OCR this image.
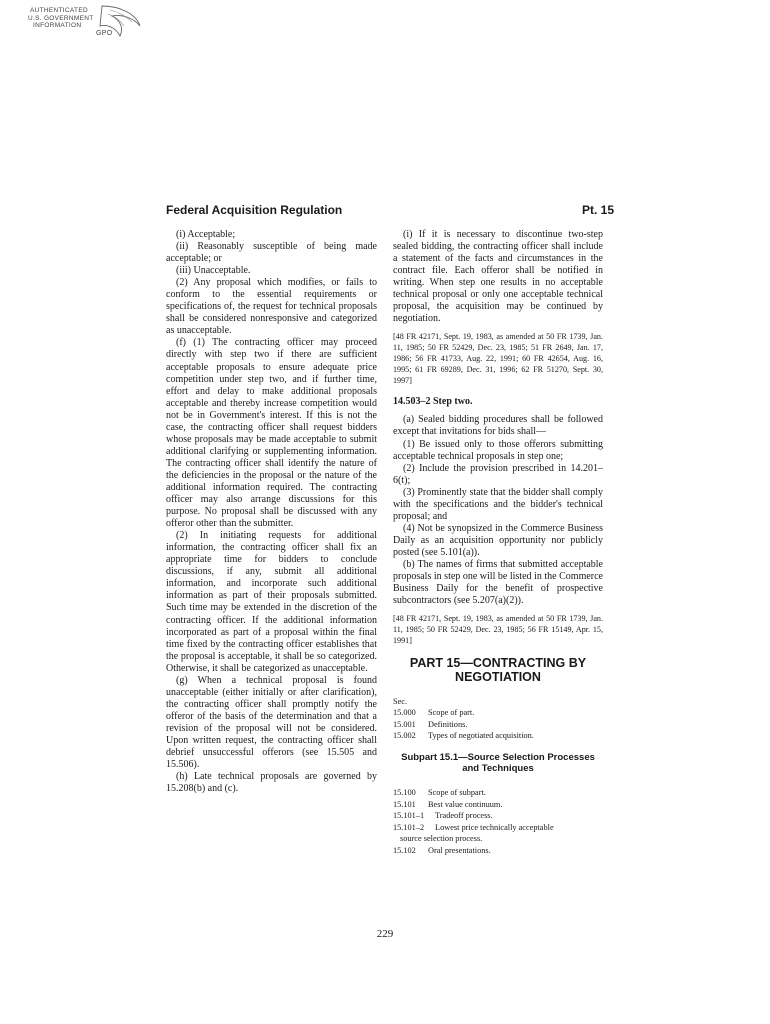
AUTHENTICATED
U.S. GOVERNMENT
INFORMATION
GPO
Federal Acquisition Regulation	Pt. 15

(i) Acceptable;

(ii) Reasonably susceptible of being made acceptable; or

(iii) Unacceptable.

(2) Any proposal which modifies, or fails to conform to the essential requirements or specifications of, the request for technical proposals shall be considered nonresponsive and categorized as unacceptable.

(f) (1) The contracting officer may proceed directly with step two if there are sufficient acceptable proposals to ensure adequate price competition under step two, and if further time, effort and delay to make additional proposals acceptable and thereby increase competition would not be in Government's interest. If this is not the case, the contracting officer shall request bidders whose proposals may be made acceptable to submit additional clarifying or supplementing information. The contracting officer shall identify the nature of the deficiencies in the proposal or the nature of the additional information required. The contracting officer may also arrange discussions for this purpose. No proposal shall be discussed with any offeror other than the submitter.

(2) In initiating requests for additional information, the contracting officer shall fix an appropriate time for bidders to conclude discussions, if any, submit all additional information, and incorporate such additional information as part of their proposals submitted. Such time may be extended in the discretion of the contracting officer. If the additional information incorporated as part of a proposal within the final time fixed by the contracting officer establishes that the proposal is acceptable, it shall be so categorized. Otherwise, it shall be categorized as unacceptable.

(g) When a technical proposal is found unacceptable (either initially or after clarification), the contracting officer shall promptly notify the offeror of the basis of the determination and that a revision of the proposal will not be considered. Upon written request, the contracting officer shall debrief unsuccessful offerors (see 15.505 and 15.506).

(h) Late technical proposals are governed by 15.208(b) and (c).

(i) If it is necessary to discontinue two-step sealed bidding, the contracting officer shall include a statement of the facts and circumstances in the contract file. Each offeror shall be notified in writing. When step one results in no acceptable technical proposal or only one acceptable technical proposal, the acquisition may be continued by negotiation.

[48 FR 42171, Sept. 19, 1983, as amended at 50 FR 1739, Jan. 11, 1985; 50 FR 52429, Dec. 23, 1985; 51 FR 2649, Jan. 17, 1986; 56 FR 41733, Aug. 22, 1991; 60 FR 42654, Aug. 16, 1995; 61 FR 69289, Dec. 31, 1996; 62 FR 51270, Sept. 30, 1997]

14.503–2 Step two.

(a) Sealed bidding procedures shall be followed except that invitations for bids shall—

(1) Be issued only to those offerors submitting acceptable technical proposals in step one;

(2) Include the provision prescribed in 14.201–6(t);

(3) Prominently state that the bidder shall comply with the specifications and the bidder's technical proposal; and

(4) Not be synopsized in the Commerce Business Daily as an acquisition opportunity nor publicly posted (see 5.101(a)).

(b) The names of firms that submitted acceptable proposals in step one will be listed in the Commerce Business Daily for the benefit of prospective subcontractors (see 5.207(a)(2)).

[48 FR 42171, Sept. 19, 1983, as amended at 50 FR 1739, Jan. 11, 1985; 50 FR 52429, Dec. 23, 1985; 56 FR 15149, Apr. 15, 1991]

PART 15—CONTRACTING BY
NEGOTIATION

Sec.

15.000 Scope of part.

15.001 Definitions.

15.002 Types of negotiated acquisition.

Subpart 15.1—Source Selection Processes
and Techniques

15.100 Scope of subpart.

15.101 Best value continuum.

15.101–1 Tradeoff process.

15.101–2 Lowest price technically acceptable

source selection process.

15.102 Oral presentations.

229
